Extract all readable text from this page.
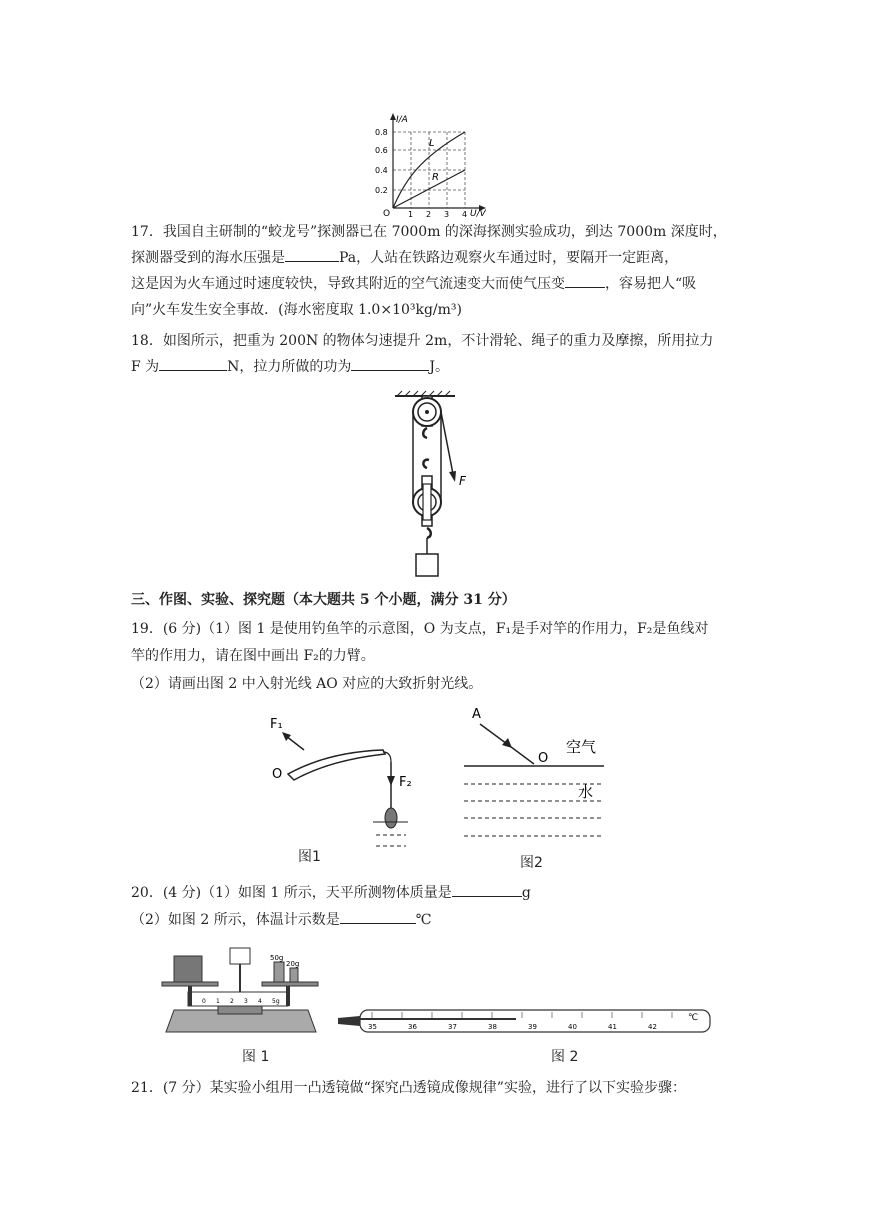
I/A
U/V
O
0.8
0.6
0.4
0.2
1 2 3 4
L
R
17．我国自主研制的“蛟龙号”探测器已在 7000m 的深海探测实验成功，到达 7000m 深度时，
探测器受到的海水压强是	Pa，人站在铁路边观察火车通过时，要隔开一定距离，
这是因为火车通过时速度较快，导致其附近的空气流速变大而使气压变	，容易把人“吸
向”火车发生安全事故．(海水密度取 1.0×10³kg/m³)
18．如图所示，把重为 200N 的物体匀速提升 2m，不计滑轮、绳子的重力及摩擦，所用拉力
F 为	N，拉力所做的功为	J。
F
三、作图、实验、探究题（本大题共 5 个小题，满分 31 分）
19．(6 分)（1）图 1 是使用钓鱼竿的示意图，O 为支点，F₁是手对竿的作用力，F₂是鱼线对
竿的作用力，请在图中画出 F₂的力臂。
（2）请画出图 2 中入射光线 AO 对应的大致折射光线。
F₁
O
F₂
图1
A
O
空气
水
图2
20．(4 分)（1）如图 1 所示，天平所测物体质量是	g
（2）如图 2 所示，体温计示数是	℃
50g
20g
0 1 2 3 4 5g
图 1
35	36	37	38	39	40	41	42
℃
图 2
21．(7 分）某实验小组用一凸透镜做“探究凸透镜成像规律”实验，进行了以下实验步骤：
